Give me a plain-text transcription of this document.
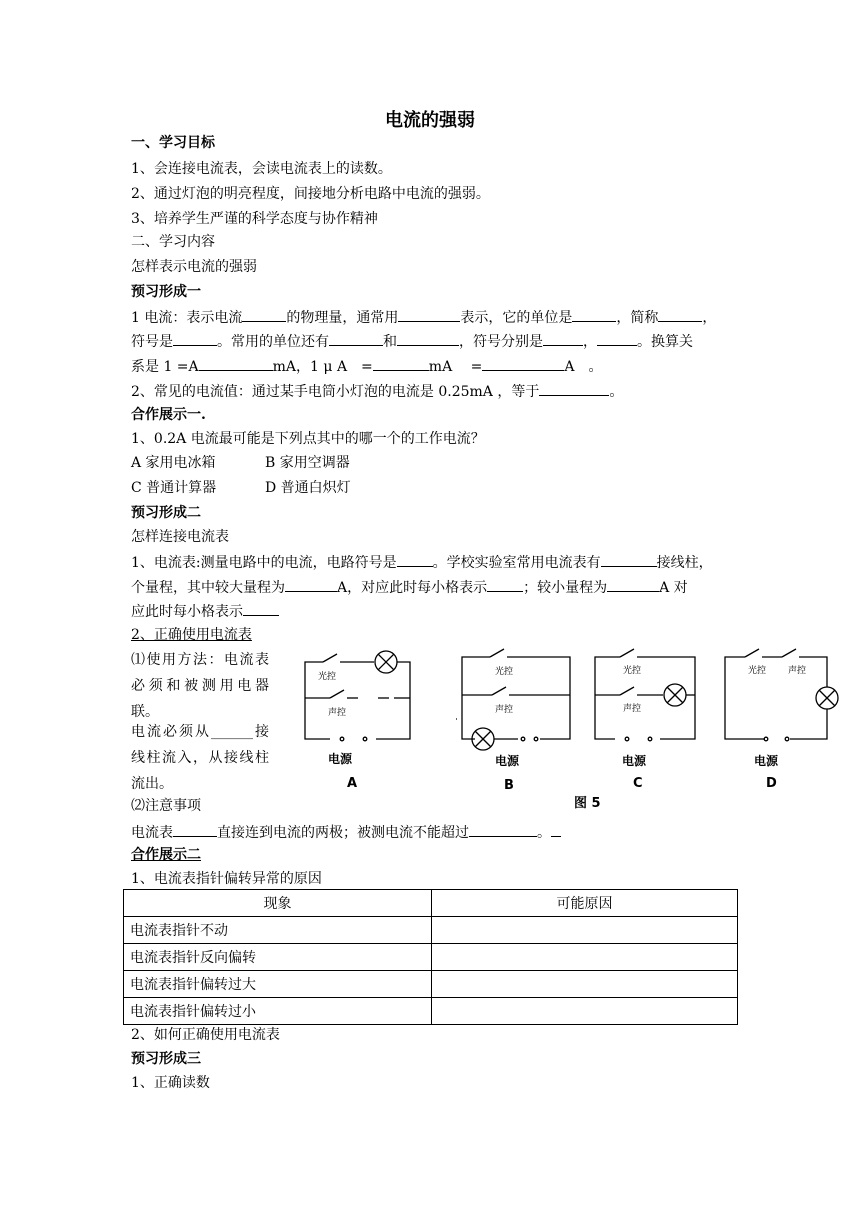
电流的强弱
一、学习目标
1、会连接电流表，会读电流表上的读数。
2、通过灯泡的明亮程度，间接地分析电路中电流的强弱。
3、培养学生严谨的科学态度与协作精神
二、学习内容
怎样表示电流的强弱
预习形成一
1 电流：表示电流	的物理量，通常用	表示，它的单位是	，简称	，
符号是	。常用的单位还有	和	，符号分别是	，	。换算关
系是 1 =A	mA，1 μ A　=	mA　 =	A　。
2、常见的电流值：通过某手电筒小灯泡的电流是 0.25mA ，等于	。
合作展示一.
1、0.2A 电流最可能是下列点其中的哪一个的工作电流？
A 家用电冰箱	B 家用空调器
C 普通计算器	D 普通白炽灯
预习形成二
怎样连接电流表
1、电流表:测量电路中的电流，电路符号是	。学校实验室常用电流表有	接线柱，
个量程，其中较大量程为	A，对应此时每小格表示	；较小量程为	A 对
应此时每小格表示
2、正确使用电流表
⑴使用方法：电流表必须和被测用电器联。
电流必须从______接线柱流入，从接线柱流出。
⑵注意事项
电流表	直接连到电流的两极；被测电流不能超过	。
光控
声控
电源
A
光控
声控
电源
B
光控
声控
电源
C
光控 声控
电源
D
图 5
合作展示二
1、电流表指针偏转异常的原因
现象	可能原因
电流表指针不动	
电流表指针反向偏转	
电流表指针偏转过大	
电流表指针偏转过小	
2、如何正确使用电流表
预习形成三
1、正确读数
